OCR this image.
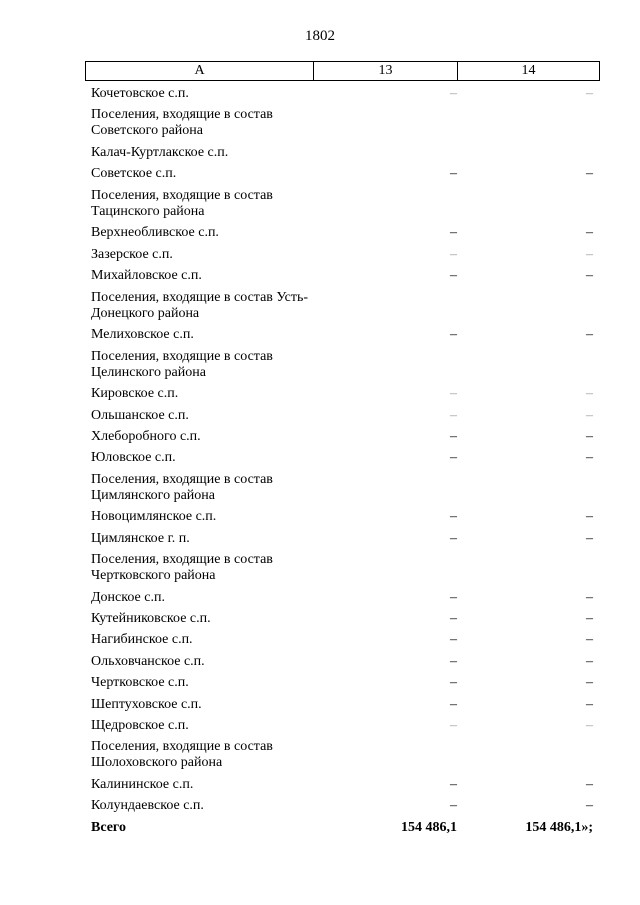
1802
А	13	14
Кочетовское с.п.	–	–
Поселения, входящие в состав Советского района
Калач-Куртлакское с.п.
Советское с.п.	–	–
Поселения, входящие в состав Тацинского района
Верхнеобливское с.п.	–	–
Зазерское с.п.	–	–
Михайловское с.п.	–	–
Поселения, входящие в состав Усть-Донецкого района
Мелиховское с.п.	–	–
Поселения, входящие в состав Целинского района
Кировское с.п.	–	–
Ольшанское с.п.	–	–
Хлеборобного с.п.	–	–
Юловское с.п.	–	–
Поселения, входящие в состав Цимлянского района
Новоцимлянское с.п.	–	–
Цимлянское г. п.	–	–
Поселения, входящие в состав Чертковского района
Донское с.п.	–	–
Кутейниковское с.п.	–	–
Нагибинское с.п.	–	–
Ольховчанское с.п.	–	–
Чертковское с.п.	–	–
Шептуховское с.п.	–	–
Щедровское с.п.	–	–
Поселения, входящие в состав Шолоховского района
Калининское с.п.	–	–
Колундаевское с.п.	–	–
Всего	154 486,1	154 486,1»;
